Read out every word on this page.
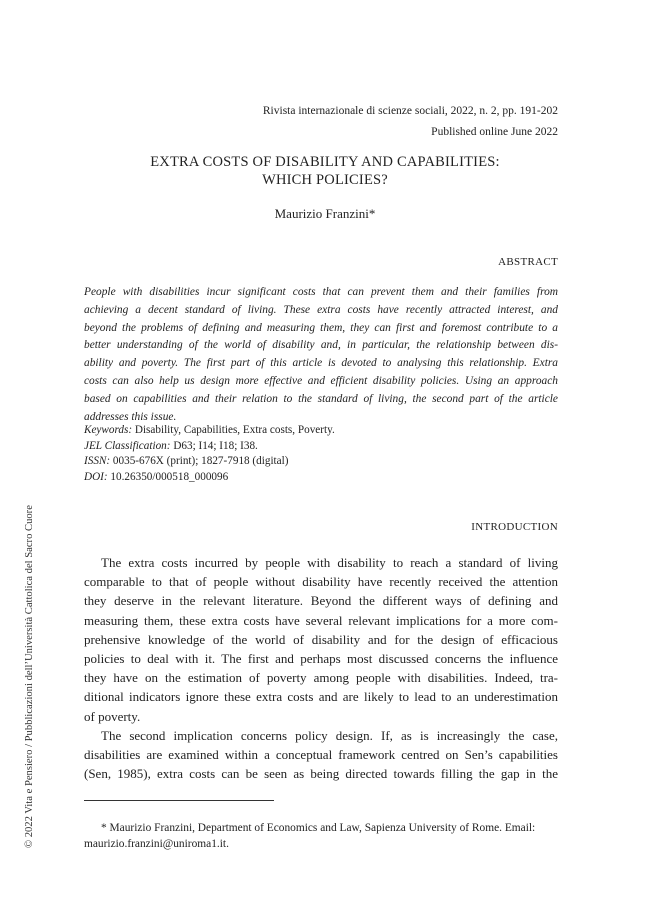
Rivista internazionale di scienze sociali, 2022, n. 2, pp. 191-202
Published online June 2022
EXTRA COSTS OF DISABILITY AND CAPABILITIES:
WHICH POLICIES?
Maurizio Franzini*
ABSTRACT
People with disabilities incur significant costs that can prevent them and their families from
achieving a decent standard of living. These extra costs have recently attracted interest, and
beyond the problems of defining and measuring them, they can first and foremost contribute to a
better understanding of the world of disability and, in particular, the relationship between dis-
ability and poverty. The first part of this article is devoted to analysing this relationship. Extra
costs can also help us design more effective and efficient disability policies. Using an approach
based on capabilities and their relation to the standard of living, the second part of the article
addresses this issue.
Keywords: Disability, Capabilities, Extra costs, Poverty.
JEL Classification: D63; I14; I18; I38.
ISSN: 0035-676X (print); 1827-7918 (digital)
DOI: 10.26350/000518_000096
INTRODUCTION
The extra costs incurred by people with disability to reach a standard of living
comparable to that of people without disability have recently received the attention
they deserve in the relevant literature. Beyond the different ways of defining and
measuring them, these extra costs have several relevant implications for a more com-
prehensive knowledge of the world of disability and for the design of efficacious
policies to deal with it. The first and perhaps most discussed concerns the influence
they have on the estimation of poverty among people with disabilities. Indeed, tra-
ditional indicators ignore these extra costs and are likely to lead to an underestimation
of poverty.
The second implication concerns policy design. If, as is increasingly the case,
disabilities are examined within a conceptual framework centred on Sen’s capabilities
(Sen, 1985), extra costs can be seen as being directed towards filling the gap in the
© 2022 Vita e Pensiero / Pubblicazioni dell’Università Cattolica del Sacro Cuore	* Maurizio Franzini, Department of Economics and Law, Sapienza University of Rome. Email:
maurizio.franzini@uniroma1.it.
